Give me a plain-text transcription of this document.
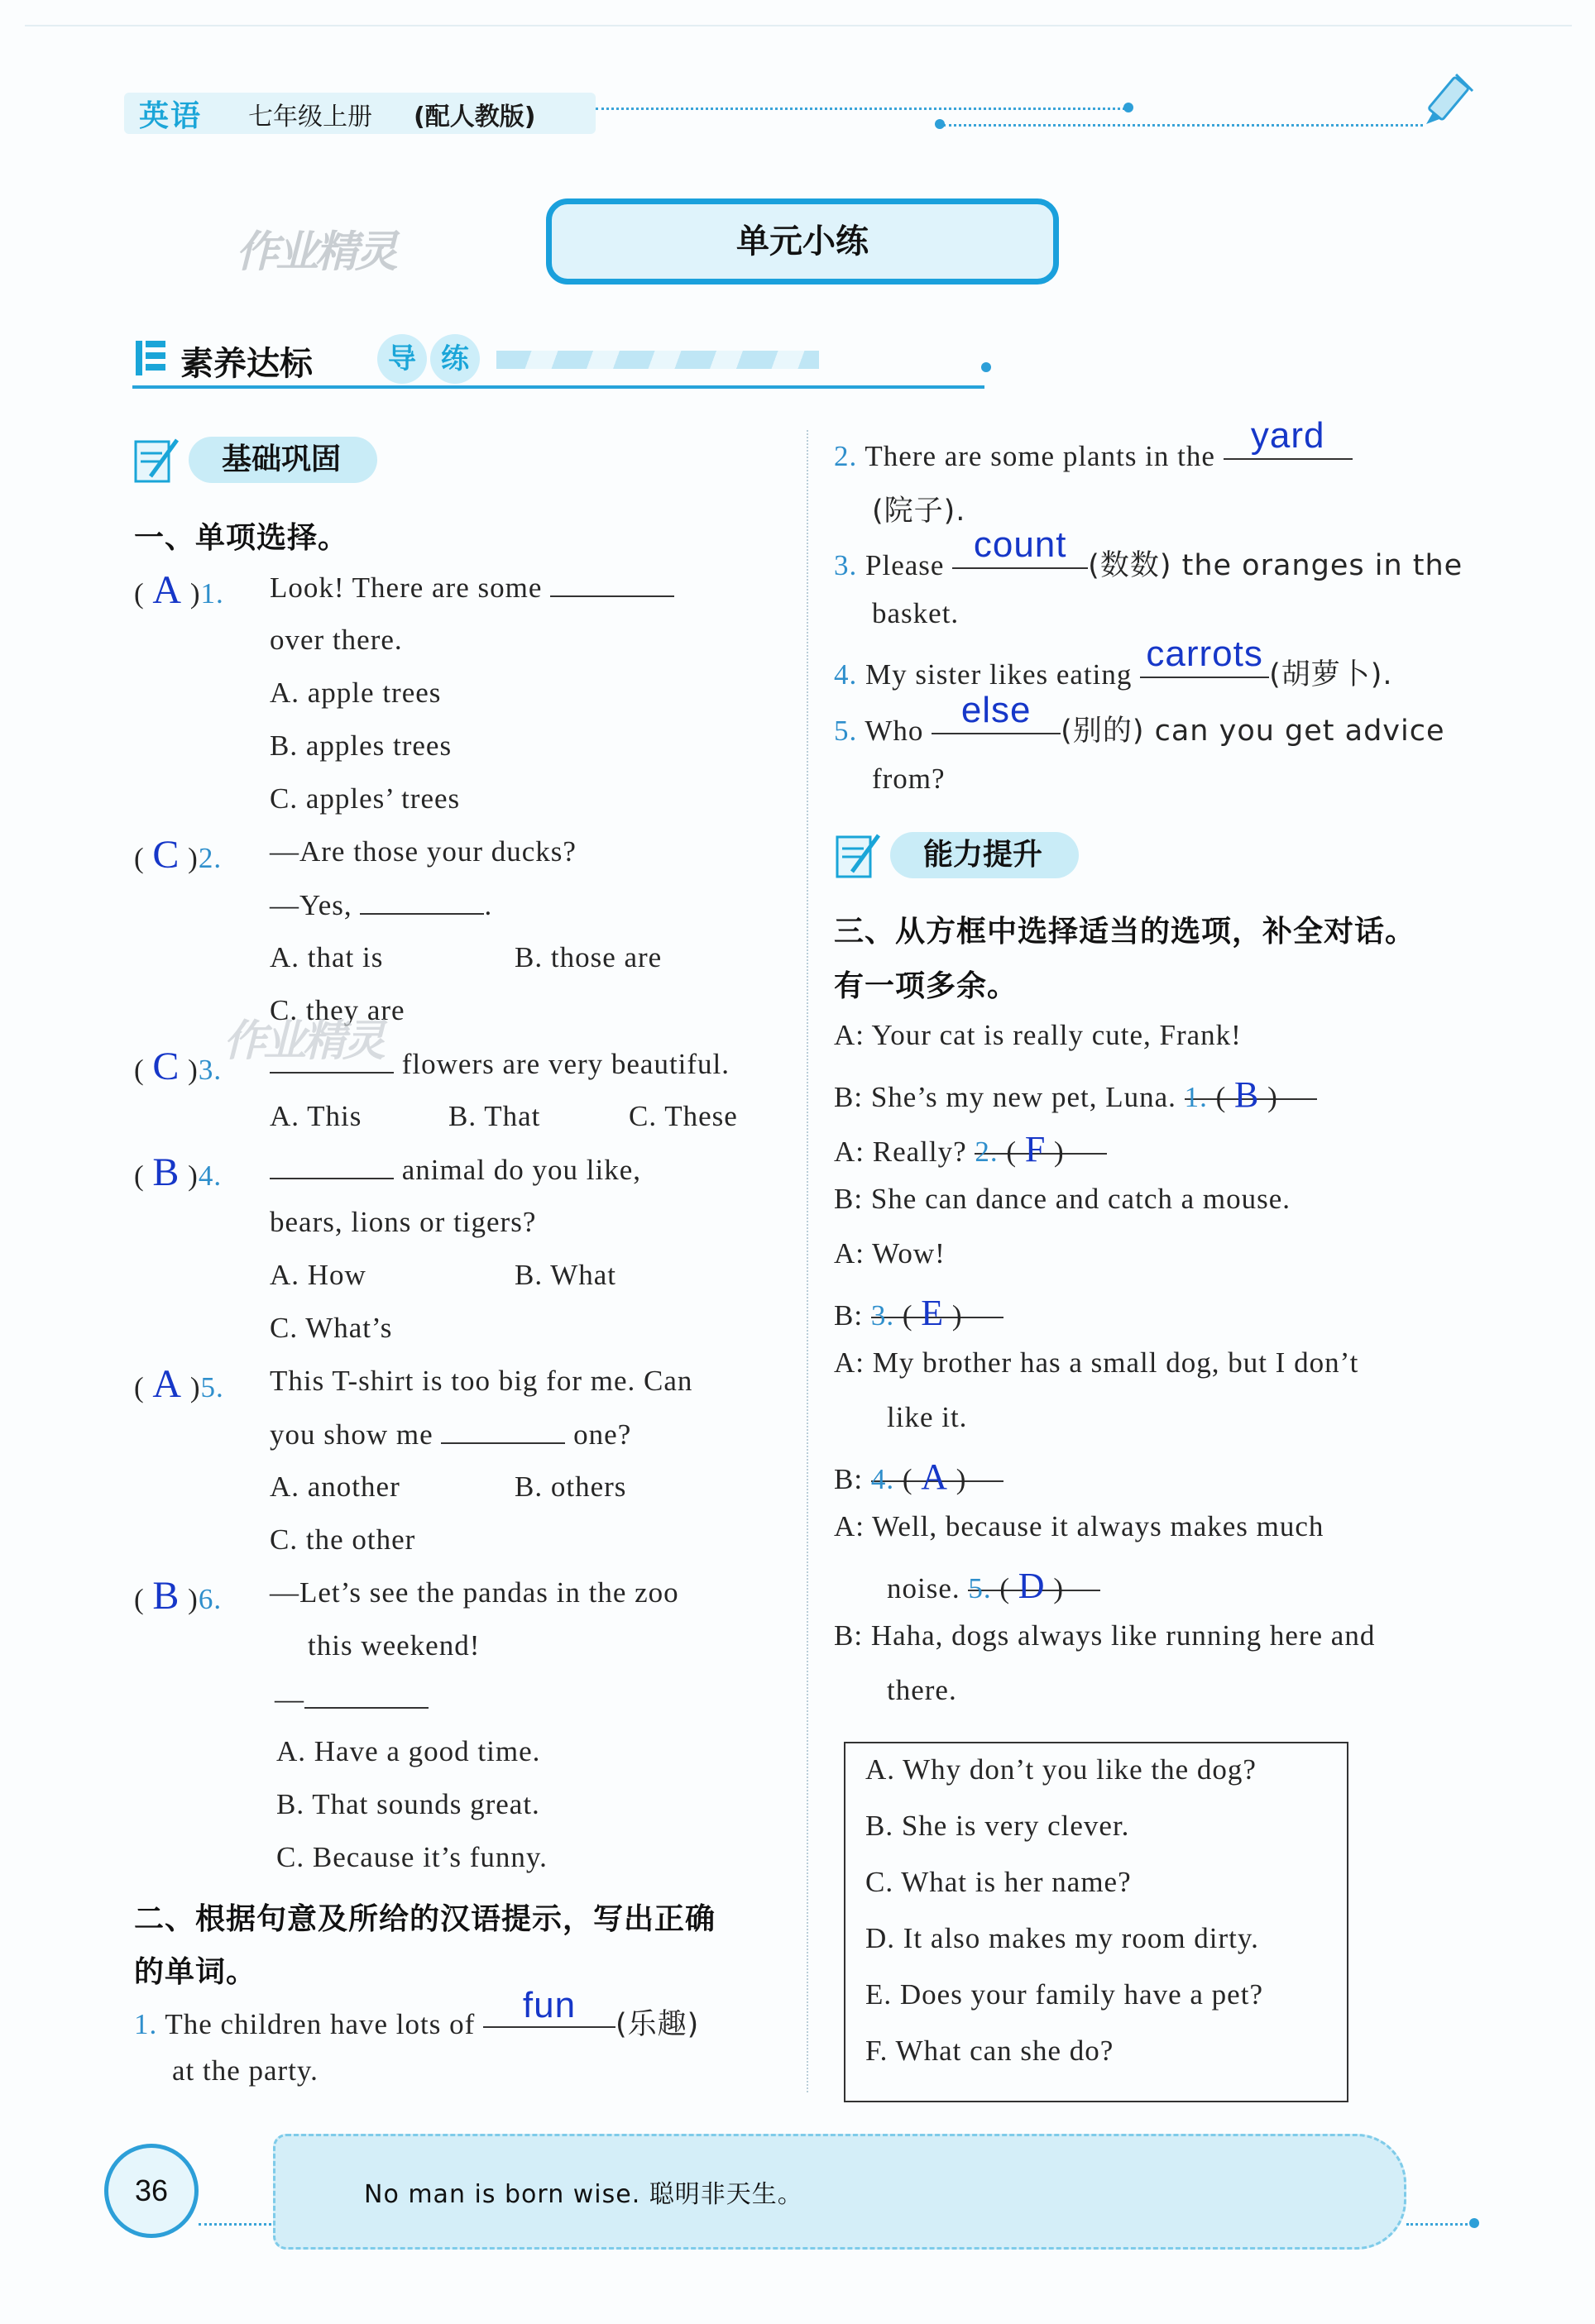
英语 七年级上册 (配人教版)
作业精灵	单元小练
素养达标	导 练
基础巩固
一、单项选择。
( A )1. Look! There are some
over there.
A. apple trees
B. apples trees
C. apples’ trees
( C )2. —Are those your ducks?
—Yes,	.
A. that is	B. those are
C. they are
作业精灵
( C )3.	flowers are very beautiful.
A. This	B. That	C. These
( B )4.	animal do you like,
bears, lions or tigers?
A. How	B. What
C. What’s
( A )5. This T-shirt is too big for me. Can
you show me	one?
A. another	B. others
C. the other
( B )6. —Let’s see the pandas in the zoo
this weekend!
—
A. Have a good time.
B. That sounds great.
C. Because it’s funny.
二、根据句意及所给的汉语提示，写出正确
的单词。
1. The children have lots of fun (乐趣)
at the party.
2. There are some plants in the yard
(院子).
3. Please count(数数) the oranges in the
basket.
4. My sister likes eating carrots(胡萝卜).
5. Who else(别的) can you get advice
from?
能力提升
三、从方框中选择适当的选项，补全对话。
有一项多余。
A: Your cat is really cute, Frank!
B: She’s my new pet, Luna. 1. ( B )
A: Really? 2. ( F )
B: She can dance and catch a mouse.
A: Wow!
B: 3. ( E )
A: My brother has a small dog, but I don’t
like it.
B: 4. ( A )
A: Well, because it always makes much
noise. 5. ( D )
B: Haha, dogs always like running here and
there.
A. Why don’t you like the dog?
B. She is very clever.
C. What is her name?
D. It also makes my room dirty.
E. Does your family have a pet?
F. What can she do?
36	No man is born wise. 聪明非天生。
